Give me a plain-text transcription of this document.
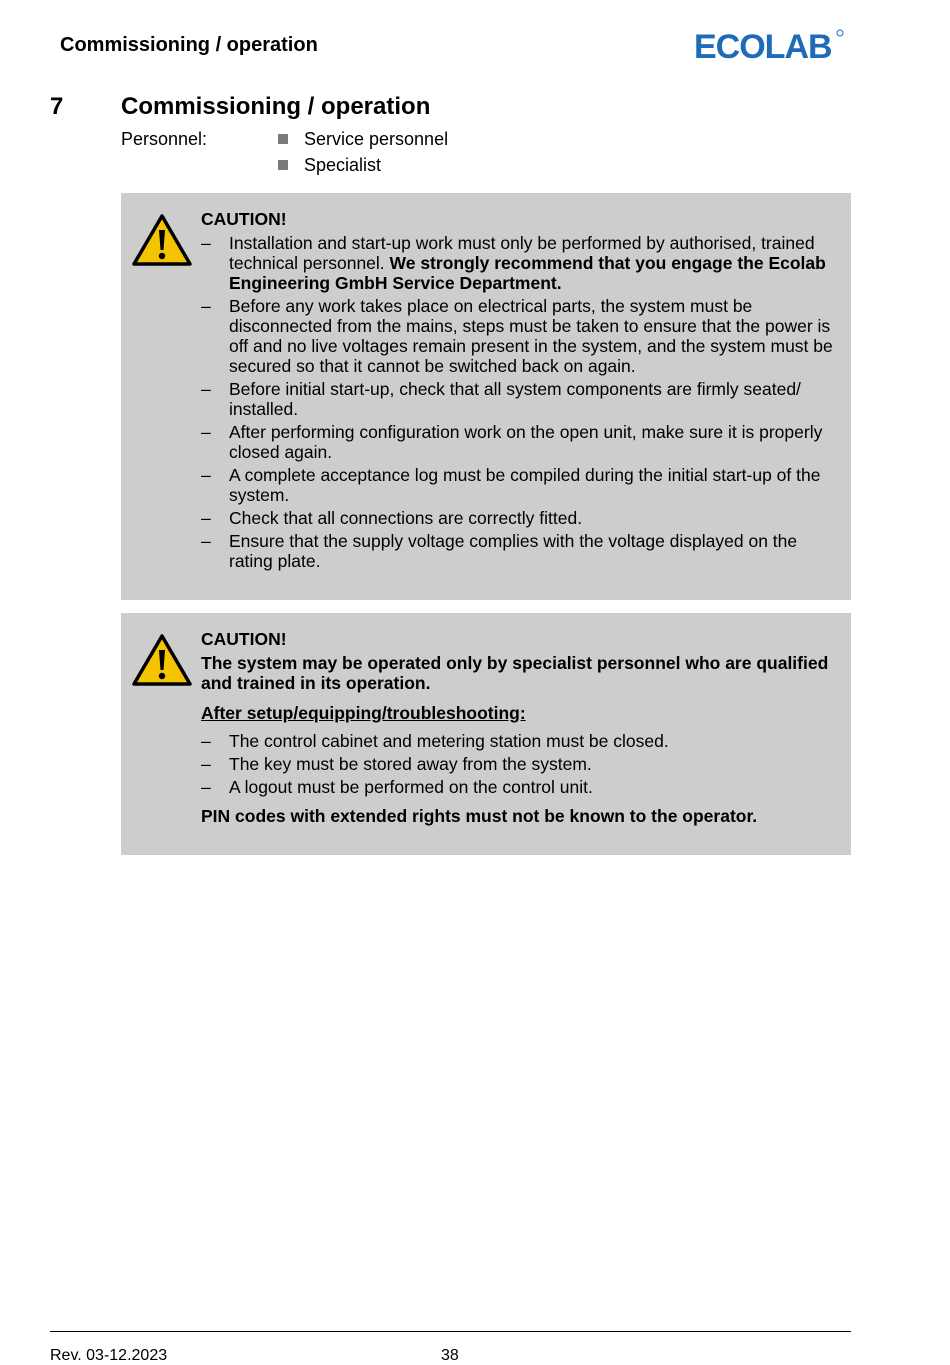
Commissioning / operation	ECOLAB
7 Commissioning / operation
Personnel:	Service personnel
Specialist
CAUTION!
– Installation and start-up work must only be performed by authorised, trained technical personnel. We strongly recommend that you engage the Ecolab Engineering GmbH Service Department.
– Before any work takes place on electrical parts, the system must be disconnected from the mains, steps must be taken to ensure that the power is off and no live voltages remain present in the system, and the system must be secured so that it cannot be switched back on again.
– Before initial start-up, check that all system components are firmly seated/ installed.
– After performing configuration work on the open unit, make sure it is properly closed again.
– A complete acceptance log must be compiled during the initial start-up of the system.
– Check that all connections are correctly fitted.
– Ensure that the supply voltage complies with the voltage displayed on the rating plate.
CAUTION!
The system may be operated only by specialist personnel who are qualified and trained in its operation.
After setup/equipping/troubleshooting:
– The control cabinet and metering station must be closed.
– The key must be stored away from the system.
– A logout must be performed on the control unit.
PIN codes with extended rights must not be known to the operator.
Rev. 03-12.2023	38
